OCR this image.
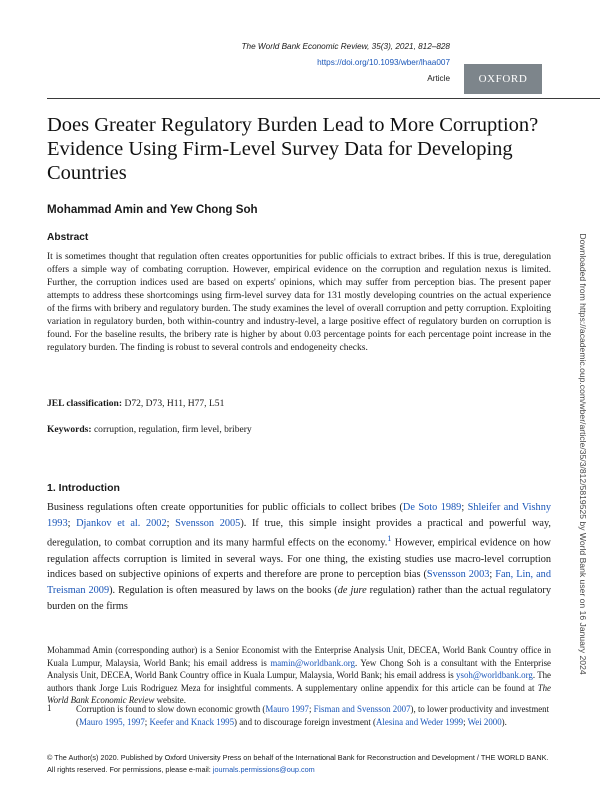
The World Bank Economic Review, 35(3), 2021, 812–828
https://doi.org/10.1093/wber/lhaa007
Article	OXFORD
Does Greater Regulatory Burden Lead to More Corruption? Evidence Using Firm-Level Survey Data for Developing Countries
Mohammad Amin and Yew Chong Soh
Abstract

It is sometimes thought that regulation often creates opportunities for public officials to extract bribes. If this is true, deregulation offers a simple way of combating corruption. However, empirical evidence on the corruption and regulation nexus is limited. Further, the corruption indices used are based on experts' opinions, which may suffer from perception bias. The present paper attempts to address these shortcomings using firm-level survey data for 131 mostly developing countries on the actual experience of the firms with bribery and regulatory burden. The study examines the level of overall corruption and petty corruption. Exploiting variation in regulatory burden, both within-country and industry-level, a large positive effect of regulatory burden on corruption is found. For the baseline results, the bribery rate is higher by about 0.03 percentage points for each percentage point increase in the regulatory burden. The finding is robust to several controls and endogeneity checks.

JEL classification: D72, D73, H11, H77, L51
Keywords: corruption, regulation, firm level, bribery
1. Introduction

Business regulations often create opportunities for public officials to collect bribes (De Soto 1989; Shleifer and Vishny 1993; Djankov et al. 2002; Svensson 2005). If true, this simple insight provides a practical and powerful way, deregulation, to combat corruption and its many harmful effects on the economy.$^1$ However, empirical evidence on how regulation affects corruption is limited in several ways. For one thing, the existing studies use macro-level corruption indices based on subjective opinions of experts and therefore are prone to perception bias (Svensson 2003; Fan, Lin, and Treisman 2009). Regulation is often measured by laws on the books (de jure regulation) rather than the actual regulatory burden on the firms

Mohammad Amin (corresponding author) is a Senior Economist with the Enterprise Analysis Unit, DECEA, World Bank Country office in Kuala Lumpur, Malaysia, World Bank; his email address is mamin@worldbank.org. Yew Chong Soh is a consultant with the Enterprise Analysis Unit, DECEA, World Bank Country office in Kuala Lumpur, Malaysia, World Bank; his email address is ysoh@worldbank.org. The authors thank Jorge Luis Rodriguez Meza for insightful comments. A supplementary online appendix for this article can be found at The World Bank Economic Review website.

1	Corruption is found to slow down economic growth (Mauro 1997; Fisman and Svensson 2007), to lower productivity and investment (Mauro 1995, 1997; Keefer and Knack 1995) and to discourage foreign investment (Alesina and Weder 1999; Wei 2000).

© The Author(s) 2020. Published by Oxford University Press on behalf of the International Bank for Reconstruction and Development / THE WORLD BANK.
All rights reserved. For permissions, please e-mail: journals.permissions@oup.com

Downloaded from https://academic.oup.com/wber/article/35/3/812/5819525 by World Bank user on 16 January 2024
